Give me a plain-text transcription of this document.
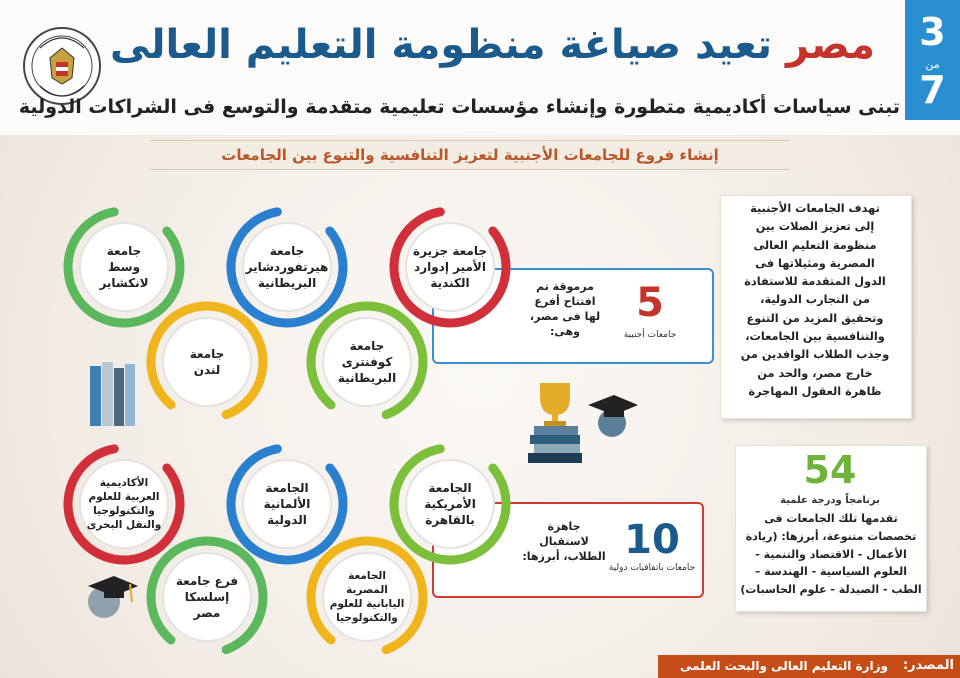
مصر تعيد صياغة منظومة التعليم العالى
تبنى سياسات أكاديمية متطورة وإنشاء مؤسسات تعليمية متقدمة والتوسع فى الشراكات الدولية
3
من
7
إنشاء فروع للجامعات الأجنبية لتعزيز التنافسية والتنوع بين الجامعات
تهدف الجامعات الأجنبية
إلى تعزيز الصلات بين
منظومة التعليم العالى
المصرية ومثيلاتها فى
الدول المتقدمة للاستفادة
من التجارب الدولية،
وتحقيق المزيد من التنوع
والتنافسية بين الجامعات،
وجذب الطلاب الوافدين من
خارج مصر، والحد من
ظاهرة العقول المهاجرة
54
برنامجاً ودرجة علمية
تقدمها تلك الجامعات فى
تخصصات متنوعة، أبرزها: (ريادة
الأعمال - الاقتصاد والتنمية -
العلوم السياسية - الهندسة –
الطب - الصيدلة - علوم الحاسبات)
5
جامعات أجنبية
مرموقة تم
افتتاح أفرع
لها فى مصر،
وهى:
10
جامعات باتفاقيات دولية
جاهزة
لاستقبال
الطلاب، أبرزها:
جامعة جزيرة
الأمير إدوارد
الكندية
جامعة
كوفنترى
البريطانية
جامعة
هيرتفوردشاير
البريطانية
جامعة
لندن
جامعة
وسط
لانكشاير
الجامعة
الأمريكية
بالقاهرة
الجامعة
المصرية
اليابانية للعلوم
والتكنولوجيا
الجامعة
الألمانية
الدولية
فرع جامعة
إسلسكا
مصر
الأكاديمية
العربية للعلوم
والتكنولوجيا
والنقل البحرى
المصدر:
وزارة التعليم العالى والبحث العلمى
